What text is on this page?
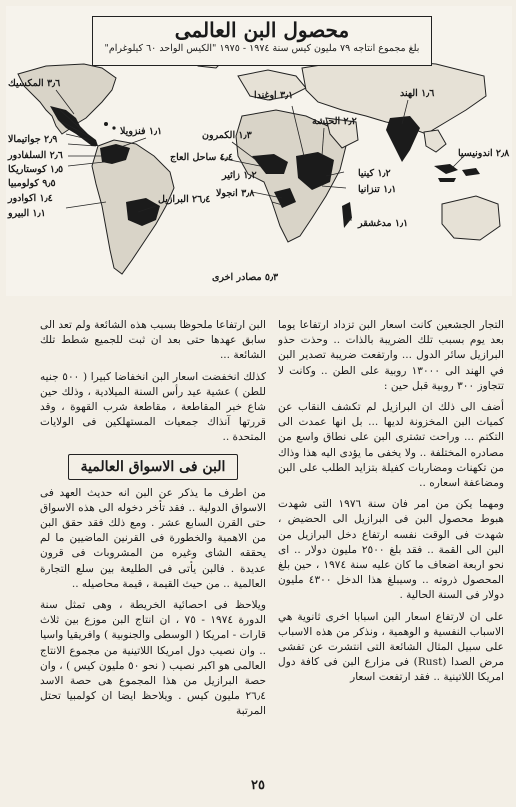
محصول البن العالمى
بلغ مجموع انتاجه ٧٩ مليون كيس سنة ١٩٧٤ - ١٩٧٥ "الكيس الواحد ٦٠ كيلوغرام"
٣٫٦ المكسيك
٢٫٩ جواتيمالا
٢٫٦ السلفادور
١٫٥ كوستاريكا
٩٫٥ كولومبيا
١٫٤ اكوادور
١٫١ البيرو
١٫١ فنزويلا
٢٦٫٤ البرازيل
١٫٣ الكمرون
٤٫٤ ساحل العاج
١٫٢ زائير
٣٫٨ انجولا
٣٫١ اوغندا
٢٫٢ الحبشة
١٫٢ كينيا
١٫١ تنزانيا
١٫١ مدغشقر
١٫٦ الهند
٢٫٨ اندونيسيا
٥٫٣ مصادر اخرى

التجار الجشعين كانت اسعار البن تزداد ارتفاعا يوما بعد يوم بسبب تلك الضريبة بالذات .. وحذت حذو البرازيل سائر الدول ... وارتفعت ضريبة تصدير البن في الهند الى ١٣٠٠٠ روبية على الطن .. وكانت لا تتجاوز ٣٠٠ روبية قبل حين :

أضف الى ذلك ان البرازيل لم تكشف النقاب عن كميات البن المخزونة لديها ... بل انها عمدت الى التكتم ... وراحت تشترى البن على نطاق واسع من مصادره المختلفة .. ولا يخفى ما يؤدى اليه هذا وذاك من تكهنات ومضاربات كفيلة بتزايد الطلب على البن ومضاعفة اسعاره ..

ومهما يكن من امر فان سنة ١٩٧٦ التى شهدت هبوط محصول البن فى البرازيل الى الحضيض ، شهدت فى الوقت نفسه ارتفاع دخل البرازيل من البن الى القمة .. فقد بلغ ٢٥٠٠ مليون دولار .. اى نحو اربعة اضعاف ما كان عليه سنة ١٩٧٤ ، حين بلغ المحصول ذروته .. وسيبلغ هذا الدخل ٤٣٠٠ مليون دولار فى السنة الحالية .

على ان لارتفاع اسعار البن اسبابا اخرى ثانوية هي الاسباب النفسية و الوهمية ، ونذكر من هذه الاسباب على سبيل المثال الشائعة التى انتشرت عن تفشى مرض الصدا (Rust) فى مزارع البن فى كافة دول امريكا اللاتينية .. فقد ارتفعت اسعار

البن ارتفاعا ملحوظا بسبب هذه الشائعة ولم تعد الى سابق عهدها حتى بعد ان ثبت للجميع شطط تلك الشائعة ...

كذلك انخفضت اسعار البن انخفاضا كبيرا ( ٥٠٠ جنيه للطن ) عشية عيد رأس السنة الميلادية ، وذلك حين شاع خبر المقاطعة ، مقاطعة شرب القهوة ، وقد قررتها آنذاك جمعيات المستهلكين فى الولايات المتحدة ..

البن فى الاسواق العالمية

من اطرف ما يذكر عن البن انه حديث العهد فى الاسواق الدولية .. فقد تأخر دخوله الى هذه الاسواق حتى القرن السابع عشر . ومع ذلك فقد حقق البن من الاهمية والخطورة فى القرنين الماضيين ما لم يحققه الشاى وغيره من المشروبات فى قرون عديدة . فالبن يأتى فى الطليعة بين سلع التجارة العالمية .. من حيث القيمة ، قيمة محاصيله ..

ويلاحظ فى احصائية الخريطة ، وهى تمثل سنة الدورة ١٩٧٤ - ٧٥ ، ان انتاج البن موزع بين ثلاث قارات - امريكا ( الوسطى والجنوبية ) وافريقيا واسيا .. وان نصيب دول امريكا اللاتينية من مجموع الانتاج العالمى هو اكبر نصيب ( نحو ٥٠ مليون كيس ) ، وان حصة البرازيل من هذا المجموع هى حصة الاسد ٢٦٫٤ مليون كيس . ويلاحظ ايضا ان كولمبيا تحتل المرتبة

٢٥
